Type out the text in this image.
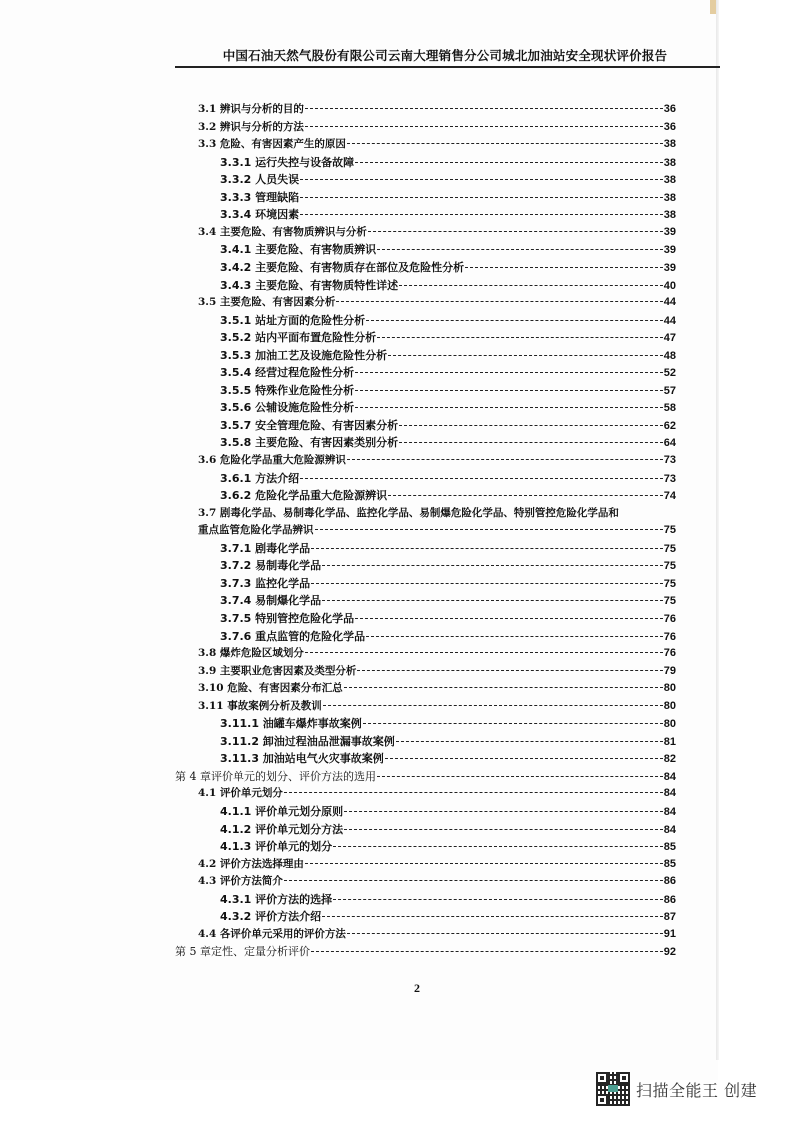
中国石油天然气股份有限公司云南大理销售分公司城北加油站安全现状评价报告
3.1 辨识与分析的目的	36
3.2 辨识与分析的方法	36
3.3 危险、有害因素产生的原因	38
3.3.1 运行失控与设备故障	38
3.3.2 人员失误	38
3.3.3 管理缺陷	38
3.3.4 环境因素	38
3.4 主要危险、有害物质辨识与分析	39
3.4.1 主要危险、有害物质辨识	39
3.4.2 主要危险、有害物质存在部位及危险性分析	39
3.4.3 主要危险、有害物质特性详述	40
3.5 主要危险、有害因素分析	44
3.5.1 站址方面的危险性分析	44
3.5.2 站内平面布置危险性分析	47
3.5.3 加油工艺及设施危险性分析	48
3.5.4 经营过程危险性分析	52
3.5.5 特殊作业危险性分析	57
3.5.6 公辅设施危险性分析	58
3.5.7 安全管理危险、有害因素分析	62
3.5.8 主要危险、有害因素类别分析	64
3.6 危险化学品重大危险源辨识	73
3.6.1 方法介绍	73
3.6.2 危险化学品重大危险源辨识	74
3.7 剧毒化学品、易制毒化学品、监控化学品、易制爆危险化学品、特别管控危险化学品和
重点监管危险化学品辨识	75
3.7.1 剧毒化学品	75
3.7.2 易制毒化学品	75
3.7.3 监控化学品	75
3.7.4 易制爆化学品	75
3.7.5 特别管控危险化学品	76
3.7.6 重点监管的危险化学品	76
3.8 爆炸危险区域划分	76
3.9 主要职业危害因素及类型分析	79
3.10 危险、有害因素分布汇总	80
3.11 事故案例分析及教训	80
3.11.1 油罐车爆炸事故案例	80
3.11.2 卸油过程油品泄漏事故案例	81
3.11.3 加油站电气火灾事故案例	82
第 4 章评价单元的划分、评价方法的选用	84
4.1 评价单元划分	84
4.1.1 评价单元划分原则	84
4.1.2 评价单元划分方法	84
4.1.3 评价单元的划分	85
4.2 评价方法选择理由	85
4.3 评价方法简介	86
4.3.1 评价方法的选择	86
4.3.2 评价方法介绍	87
4.4 各评价单元采用的评价方法	91
第 5 章定性、定量分析评价	92
2
扫描全能王 创建
